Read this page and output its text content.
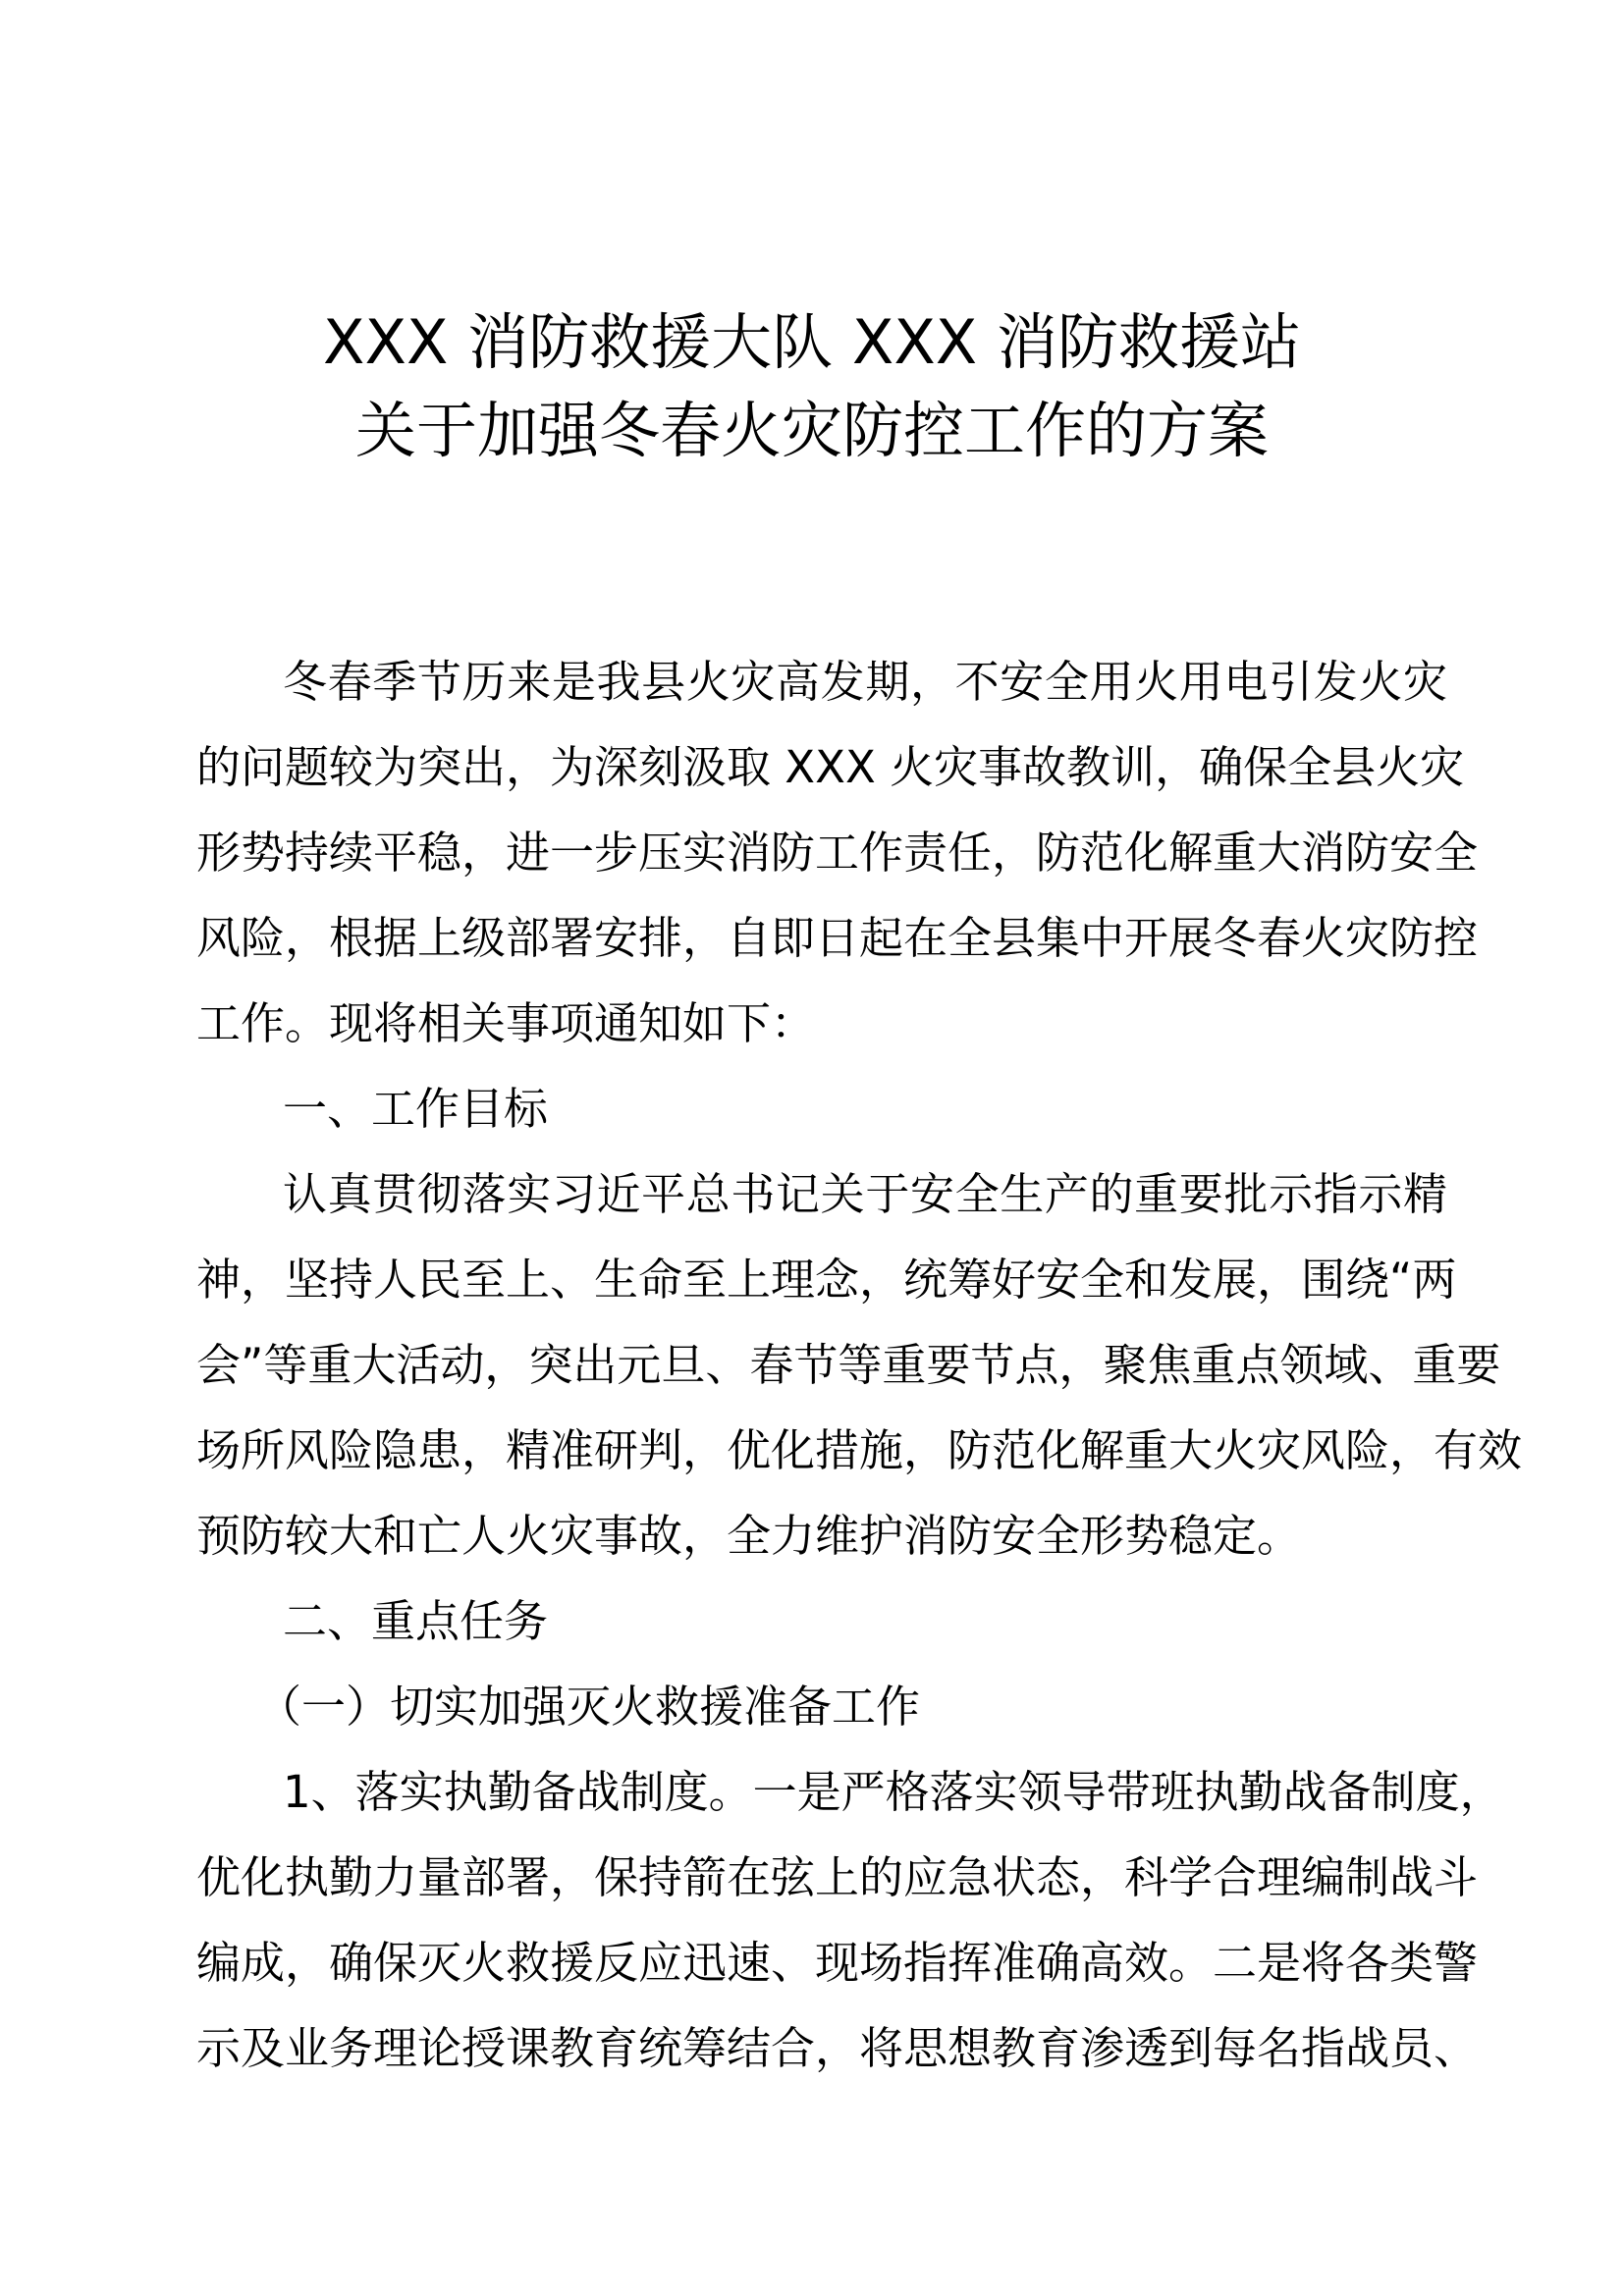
XXX 消防救援大队 XXX 消防救援站
关于加强冬春火灾防控工作的方案
冬春季节历来是我县火灾高发期，不安全用火用电引发火灾
的问题较为突出，为深刻汲取 XXX 火灾事故教训，确保全县火灾
形势持续平稳，进一步压实消防工作责任，防范化解重大消防安全
风险，根据上级部署安排，自即日起在全县集中开展冬春火灾防控
工作。现将相关事项通知如下：
一、工作目标
认真贯彻落实习近平总书记关于安全生产的重要批示指示精
神，坚持人民至上、生命至上理念，统筹好安全和发展，围绕“两
会”等重大活动，突出元旦、春节等重要节点，聚焦重点领域、重要
场所风险隐患，精准研判，优化措施，防范化解重大火灾风险，有效
预防较大和亡人火灾事故，全力维护消防安全形势稳定。
二、重点任务
（一）切实加强灭火救援准备工作
1、落实执勤备战制度。一是严格落实领导带班执勤战备制度，
优化执勤力量部署，保持箭在弦上的应急状态，科学合理编制战斗
编成，确保灭火救援反应迅速、现场指挥准确高效。二是将各类警
示及业务理论授课教育统筹结合，将思想教育渗透到每名指战员、
